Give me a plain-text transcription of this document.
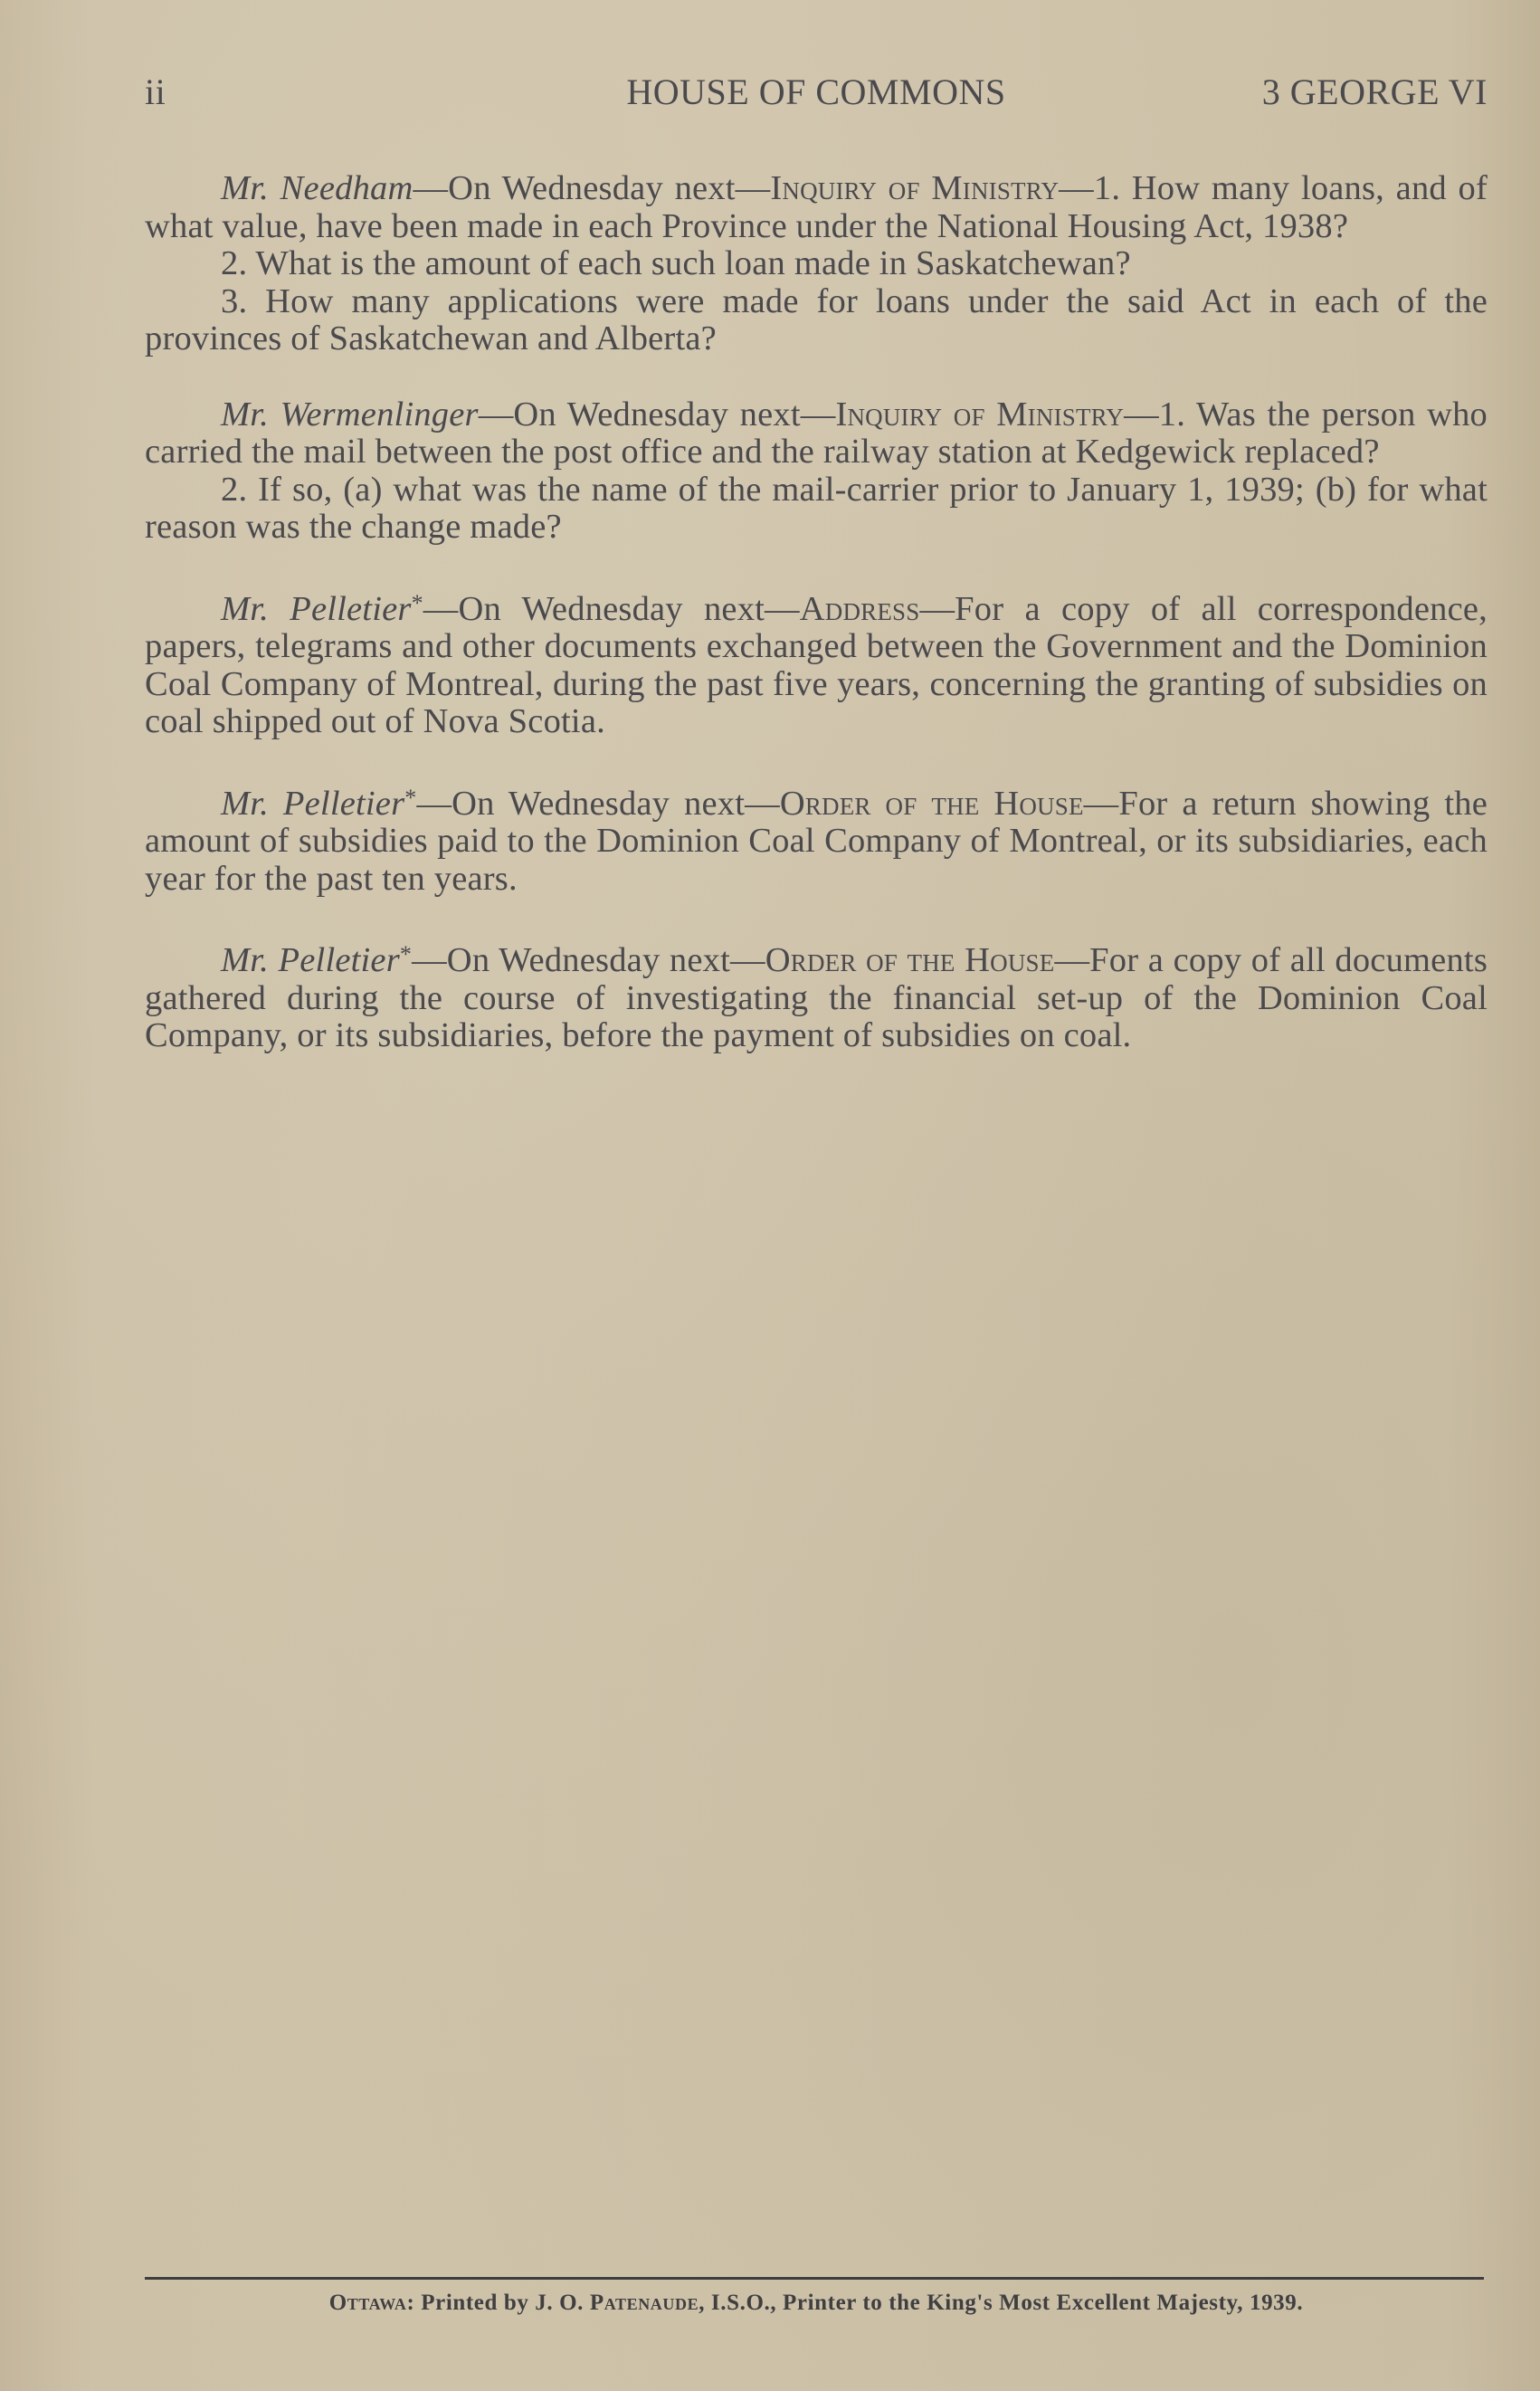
ii	HOUSE OF COMMONS	3 GEORGE VI

Mr. Needham—On Wednesday next—Inquiry of Ministry—1. How many loans, and of what value, have been made in each Province under the National Housing Act, 1938?

2. What is the amount of each such loan made in Saskatchewan?

3. How many applications were made for loans under the said Act in each of the provinces of Saskatchewan and Alberta?

Mr. Wermenlinger—On Wednesday next—Inquiry of Ministry—1. Was the person who carried the mail between the post office and the railway station at Kedgewick replaced?

2. If so, (a) what was the name of the mail-carrier prior to January 1, 1939; (b) for what reason was the change made?

Mr. Pelletier*—On Wednesday next—Address—For a copy of all correspondence, papers, telegrams and other documents exchanged between the Government and the Dominion Coal Company of Montreal, during the past five years, concerning the granting of subsidies on coal shipped out of Nova Scotia.

Mr. Pelletier*—On Wednesday next—Order of the House—For a return showing the amount of subsidies paid to the Dominion Coal Company of Montreal, or its subsidiaries, each year for the past ten years.

Mr. Pelletier*—On Wednesday next—Order of the House—For a copy of all documents gathered during the course of investigating the financial set-up of the Dominion Coal Company, or its subsidiaries, before the payment of subsidies on coal.

Ottawa: Printed by J. O. Patenaude, I.S.O., Printer to the King's Most Excellent Majesty, 1939.
